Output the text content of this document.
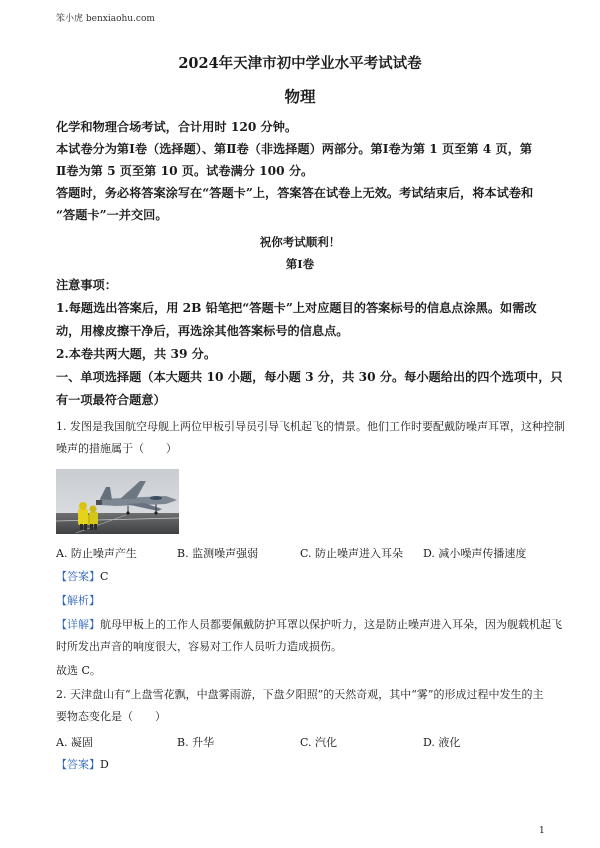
笨小虎 benxiaohu.com
2024年天津市初中学业水平考试试卷
物理
化学和物理合场考试，合计用时 120 分钟。
本试卷分为第Ⅰ卷（选择题）、第Ⅱ卷（非选择题）两部分。第Ⅰ卷为第 1 页至第 4 页，第
Ⅱ卷为第 5 页至第 10 页。试卷满分 100 分。
答题时，务必将答案涂写在“答题卡”上，答案答在试卷上无效。考试结束后，将本试卷和
“答题卡”一并交回。
祝你考试顺利！
第Ⅰ卷
注意事项：
1.每题选出答案后，用 2B 铅笔把“答题卡”上对应题目的答案标号的信息点涂黑。如需改
动，用橡皮擦干净后，再选涂其他答案标号的信息点。
2.本卷共两大题，共 39 分。
一、单项选择题（本大题共 10 小题，每小题 3 分，共 30 分。每小题给出的四个选项中，只
有一项最符合题意）
1. 发图是我国航空母舰上两位甲板引导员引导飞机起飞的情景。他们工作时要配戴防噪声耳罩，这种控制
噪声的措施属于（　　）
A. 防止噪声产生	B. 监测噪声强弱	C. 防止噪声进入耳朵 D. 减小噪声传播速度
【答案】C
【解析】
【详解】航母甲板上的工作人员都要佩戴防护耳罩以保护听力，这是防止噪声进入耳朵，因为舰载机起飞
时所发出声音的响度很大，容易对工作人员听力造成损伤。
故选 C。
2. 天津盘山有“上盘雪花飘，中盘雾雨游，下盘夕阳照”的天然奇观，其中“雾”的形成过程中发生的主
要物态变化是（　　）
A. 凝固	B. 升华	C. 汽化	D. 液化
【答案】D
1
